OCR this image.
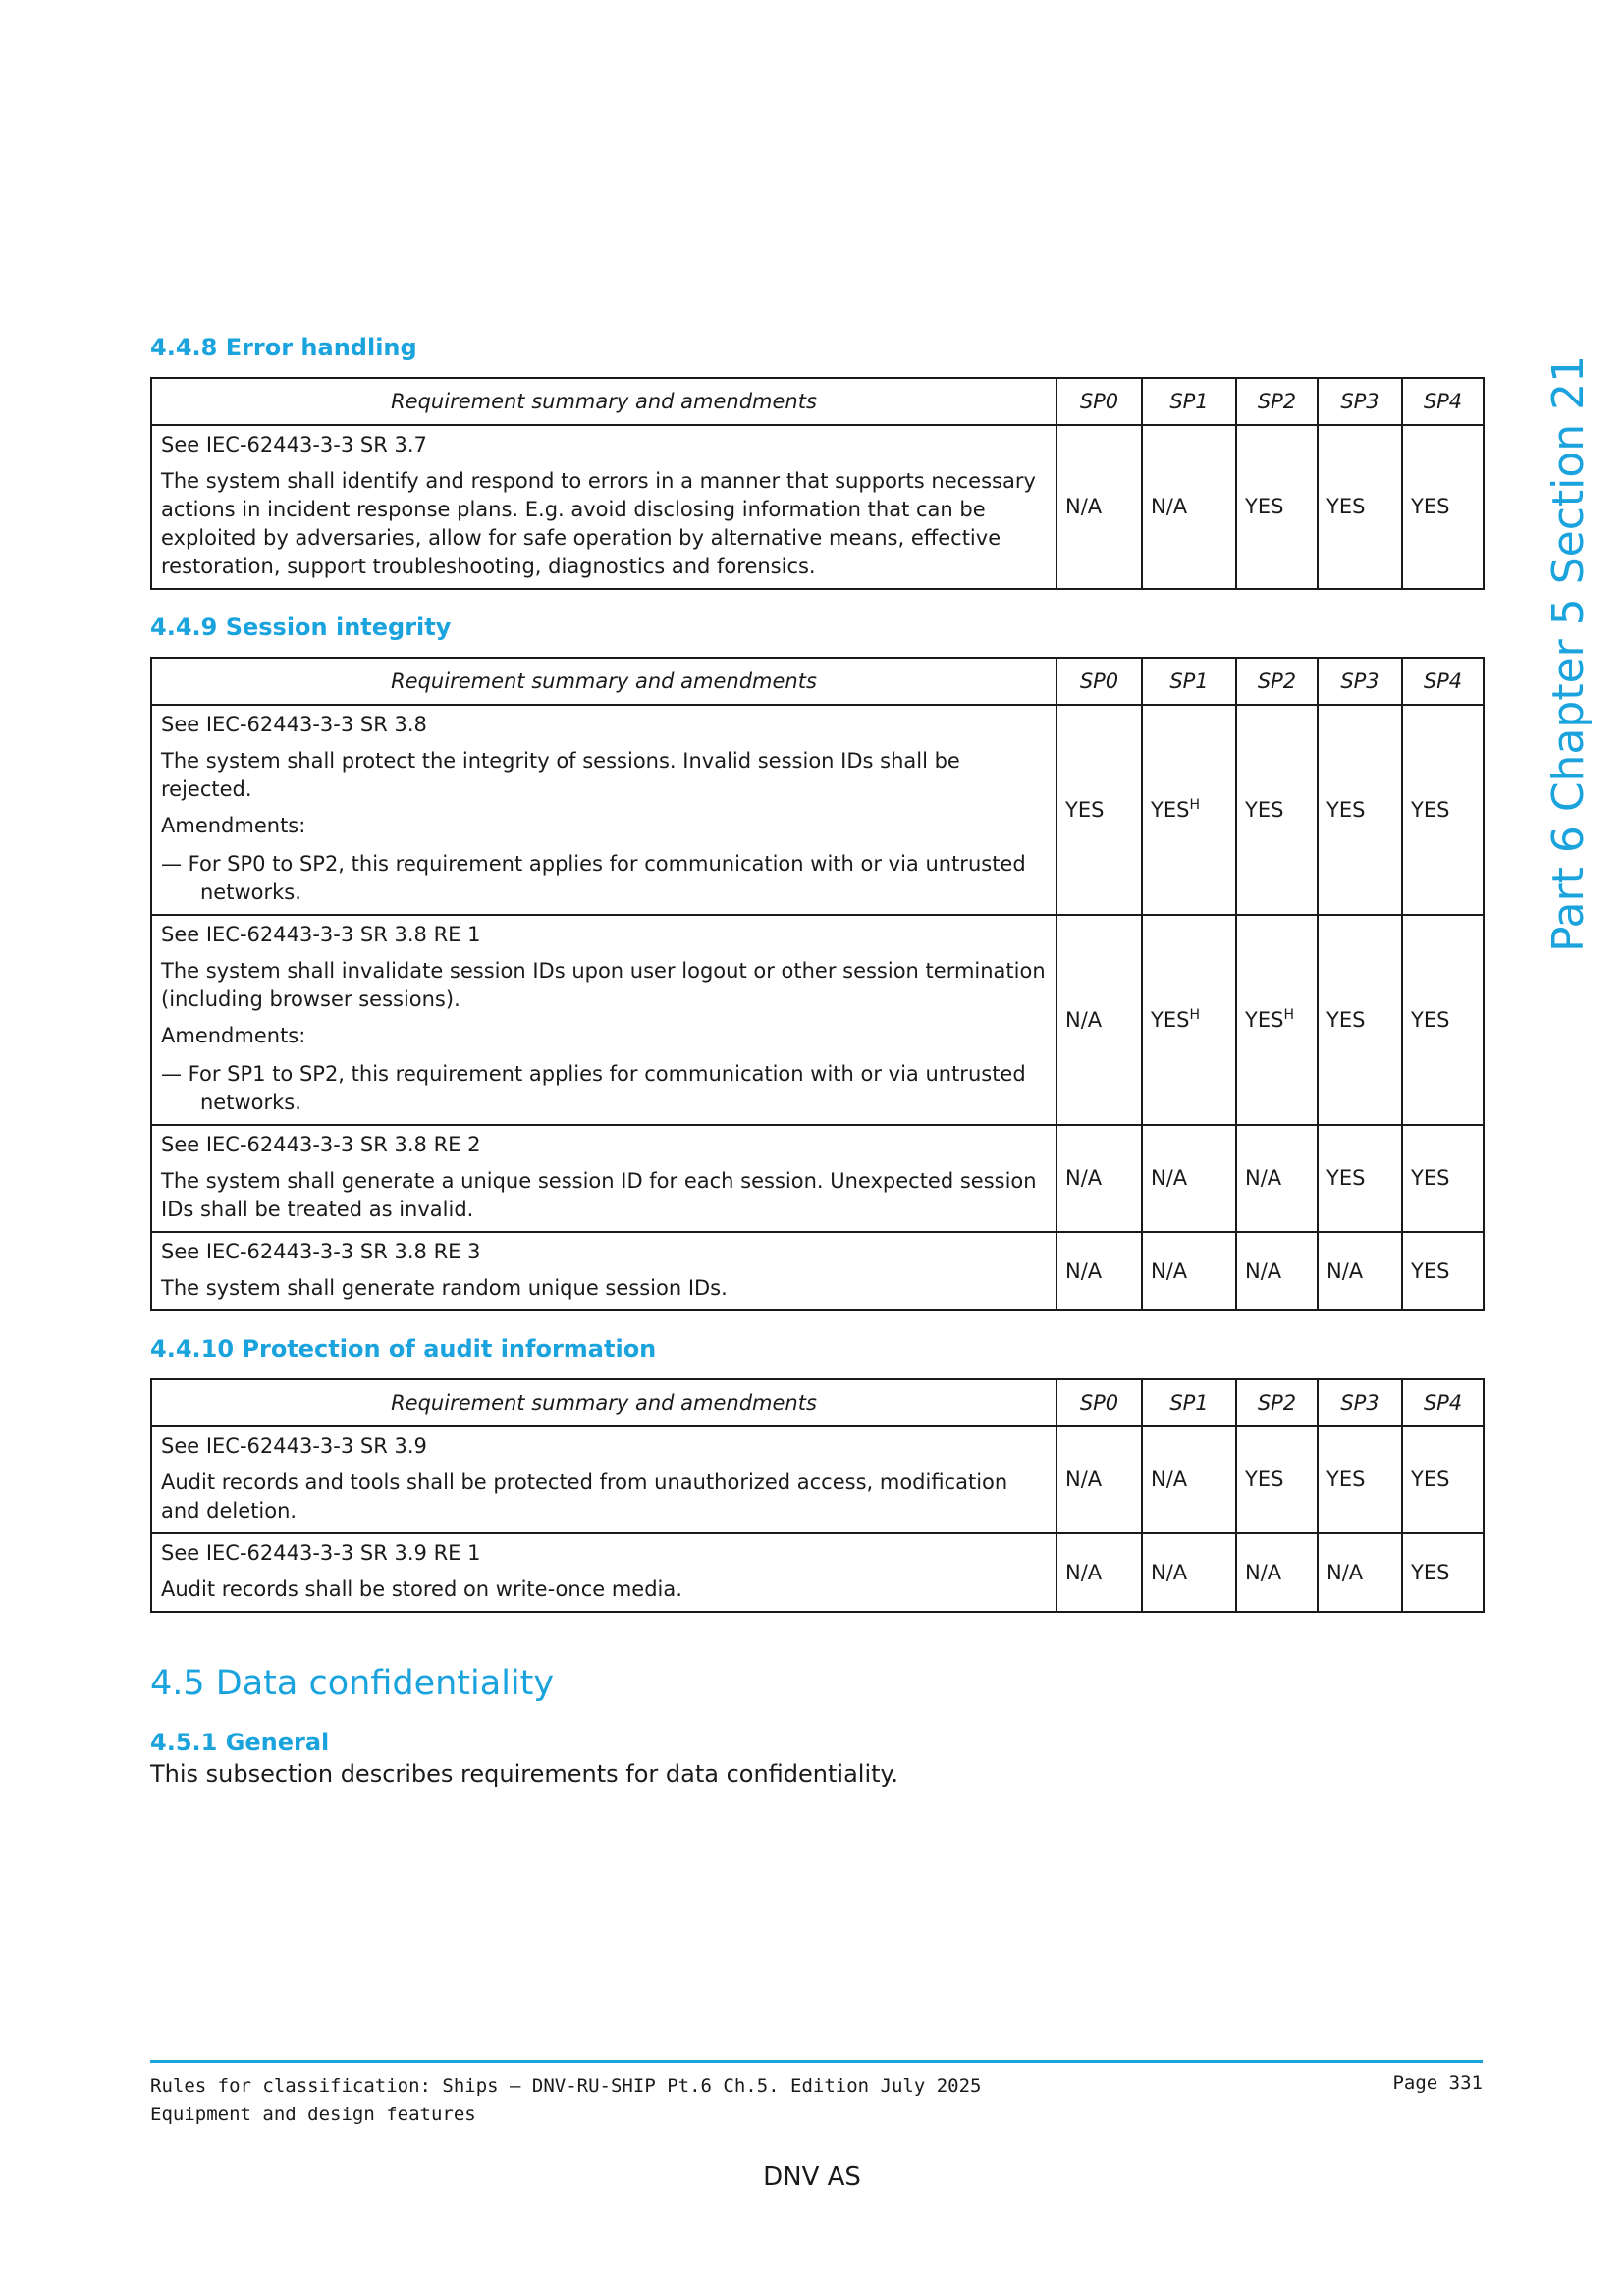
Part 6 Chapter 5 Section 21
4.4.8 Error handling
Requirement summary and amendments	SP0	SP1	SP2	SP3	SP4

See IEC-62443-3-3 SR 3.7
The system shall identify and respond to errors in a manner that supports necessary actions in incident response plans. E.g. avoid disclosing information that can be exploited by adversaries, allow for safe operation by alternative means, effective restoration, support troubleshooting, diagnostics and forensics.	N/A	N/A	YES	YES	YES
4.4.9 Session integrity
Requirement summary and amendments	SP0	SP1	SP2	SP3	SP4

See IEC-62443-3-3 SR 3.8
The system shall protect the integrity of sessions. Invalid session IDs shall be rejected.
Amendments:
— For SP0 to SP2, this requirement applies for communication with or via untrusted networks.	YES	$YES^H$	YES	YES	YES

See IEC-62443-3-3 SR 3.8 RE 1
The system shall invalidate session IDs upon user logout or other session termination (including browser sessions).
Amendments:
— For SP1 to SP2, this requirement applies for communication with or via untrusted networks.	N/A	$YES^H$	$YES^H$	YES	YES

See IEC-62443-3-3 SR 3.8 RE 2
The system shall generate a unique session ID for each session. Unexpected session IDs shall be treated as invalid.	N/A	N/A	N/A	YES	YES

See IEC-62443-3-3 SR 3.8 RE 3
The system shall generate random unique session IDs.	N/A	N/A	N/A	N/A	YES
4.4.10 Protection of audit information
Requirement summary and amendments	SP0	SP1	SP2	SP3	SP4

See IEC-62443-3-3 SR 3.9
Audit records and tools shall be protected from unauthorized access, modification and deletion.	N/A	N/A	YES	YES	YES

See IEC-62443-3-3 SR 3.9 RE 1
Audit records shall be stored on write-once media.	N/A	N/A	N/A	N/A	YES
4.5 Data confidentiality
4.5.1 General

This subsection describes requirements for data confidentiality.

Rules for classification: Ships — DNV-RU-SHIP Pt.6 Ch.5. Edition July 2025
Equipment and design features
Page 331
DNV AS
